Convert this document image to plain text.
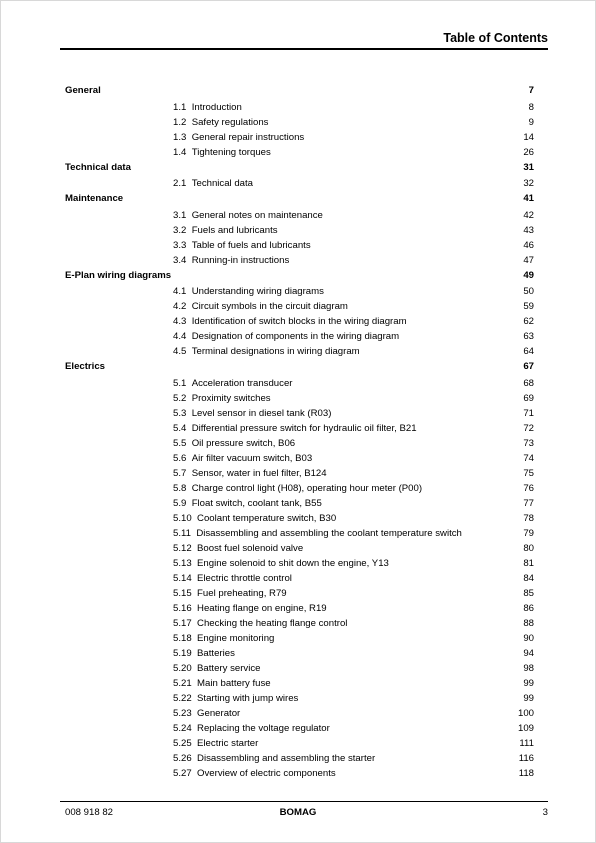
Table of Contents
General	7
1.1 Introduction	8
1.2 Safety regulations	9
1.3 General repair instructions	14
1.4 Tightening torques	26
Technical data	31
2.1 Technical data	32
Maintenance	41
3.1 General notes on maintenance	42
3.2 Fuels and lubricants	43
3.3 Table of fuels and lubricants	46
3.4 Running-in instructions	47
E-Plan wiring diagrams	49
4.1 Understanding wiring diagrams	50
4.2 Circuit symbols in the circuit diagram	59
4.3 Identification of switch blocks in the wiring diagram	62
4.4 Designation of components in the wiring diagram	63
4.5 Terminal designations in wiring diagram	64
Electrics	67
5.1 Acceleration transducer	68
5.2 Proximity switches	69
5.3 Level sensor in diesel tank (R03)	71
5.4 Differential pressure switch for hydraulic oil filter, B21	72
5.5 Oil pressure switch, B06	73
5.6 Air filter vacuum switch, B03	74
5.7 Sensor, water in fuel filter, B124	75
5.8 Charge control light (H08), operating hour meter (P00)	76
5.9 Float switch, coolant tank, B55	77
5.10 Coolant temperature switch, B30	78
5.11 Disassembling and assembling the coolant temperature switch	79
5.12 Boost fuel solenoid valve	80
5.13 Engine solenoid to shit down the engine, Y13	81
5.14 Electric throttle control	84
5.15 Fuel preheating, R79	85
5.16 Heating flange on engine, R19	86
5.17 Checking the heating flange control	88
5.18 Engine monitoring	90
5.19 Batteries	94
5.20 Battery service	98
5.21 Main battery fuse	99
5.22 Starting with jump wires	99
5.23 Generator	100
5.24 Replacing the voltage regulator	109
5.25 Electric starter	111
5.26 Disassembling and assembling the starter	116
5.27 Overview of electric components	118
008 918 82	BOMAG	3
